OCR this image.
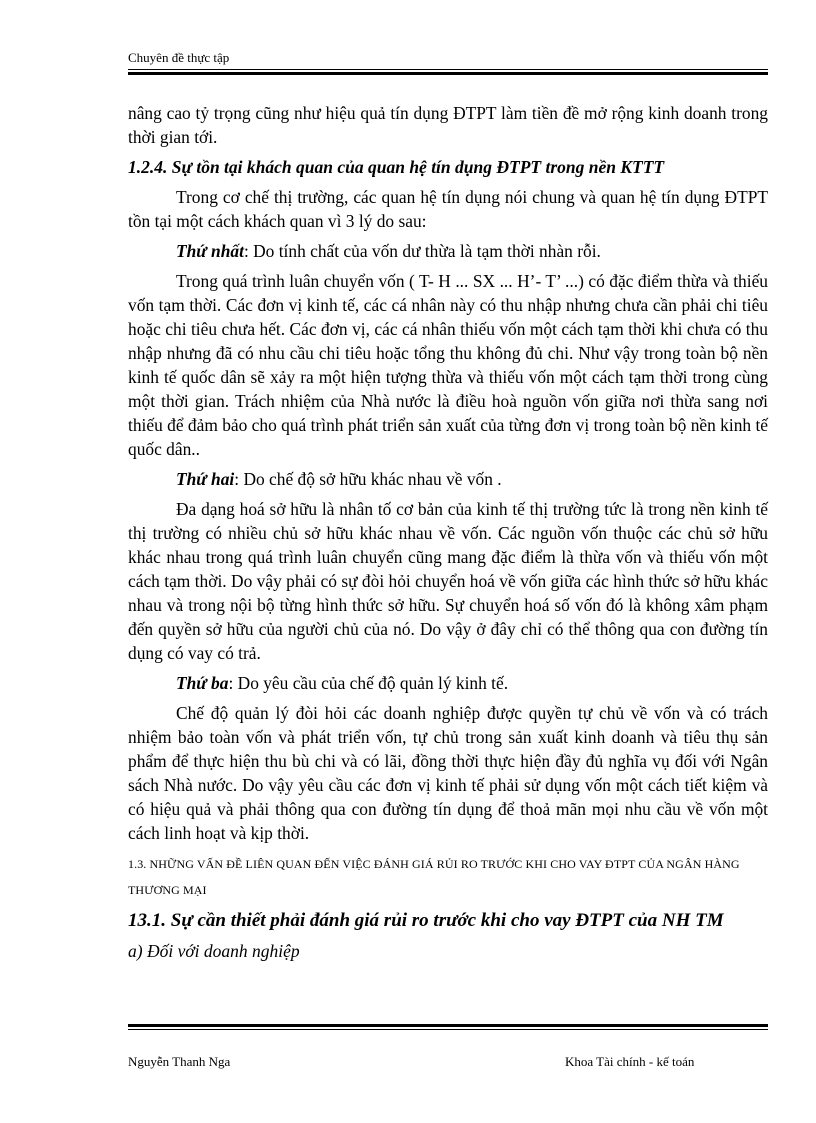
Chuyên đề thực tập

nâng cao tỷ trọng cũng như hiệu quả tín dụng ĐTPT làm tiền đề mở rộng kinh doanh trong thời gian tới.

1.2.4. Sự tồn tại khách quan của quan hệ tín dụng ĐTPT trong nền KTTT

Trong cơ chế thị trường, các quan hệ tín dụng nói chung và quan hệ tín dụng ĐTPT tồn tại một cách khách quan vì 3 lý do sau:

Thứ nhất: Do tính chất của vốn dư thừa là tạm thời nhàn rỗi.

Trong quá trình luân chuyển vốn ( T- H ... SX ... H’- T’ ...) có đặc điểm thừa và thiếu vốn tạm thời. Các đơn vị kinh tế, các cá nhân này có thu nhập nhưng chưa cần phải chi tiêu hoặc chi tiêu chưa hết. Các đơn vị, các cá nhân thiếu vốn một cách tạm thời khi chưa có thu nhập nhưng đã có nhu cầu chi tiêu hoặc tổng thu không đủ chi. Như vậy trong toàn bộ nền kinh tế quốc dân sẽ xảy ra một hiện tượng thừa và thiếu vốn một cách tạm thời trong cùng một thời gian. Trách nhiệm của Nhà nước là điều hoà nguồn vốn giữa nơi thừa sang nơi thiếu để đảm bảo cho quá trình phát triển sản xuất của từng đơn vị trong toàn bộ nền kinh tế quốc dân..

Thứ hai: Do chế độ sở hữu khác nhau về vốn .

Đa dạng hoá sở hữu là nhân tố cơ bản của kinh tế thị trường tức là trong nền kinh tế thị trường có nhiều chủ sở hữu khác nhau về vốn. Các nguồn vốn thuộc các chủ sở hữu khác nhau trong quá trình luân chuyển cũng mang đặc điểm là thừa vốn và thiếu vốn một cách tạm thời. Do vậy phải có sự đòi hỏi chuyển hoá về vốn giữa các hình thức sở hữu khác nhau và trong nội bộ từng hình thức sở hữu. Sự chuyển hoá số vốn đó là không xâm phạm đến quyền sở hữu của người chủ của nó. Do vậy ở đây chỉ có thể thông qua con đường tín dụng có vay có trả.

Thứ ba: Do yêu cầu của chế độ quản lý kinh tế.

Chế độ quản lý đòi hỏi các doanh nghiệp được quyền tự chủ về vốn và có trách nhiệm bảo toàn vốn và phát triển vốn, tự chủ trong sản xuất kinh doanh và tiêu thụ sản phẩm để thực hiện thu bù chi và có lãi, đồng thời thực hiện đầy đủ nghĩa vụ đối với Ngân sách Nhà nước. Do vậy yêu cầu các đơn vị kinh tế phải sử dụng vốn một cách tiết kiệm và có hiệu quả và phải thông qua con đường tín dụng để thoả mãn mọi nhu cầu về vốn một cách linh hoạt và kịp thời.

1.3. NHỮNG VẤN ĐỀ LIÊN QUAN ĐẾN VIỆC ĐÁNH GIÁ RỦI RO TRƯỚC KHI CHO VAY ĐTPT CỦA NGÂN HÀNG THƯƠNG MẠI

13.1. Sự cần thiết phải đánh giá rủi ro trước khi cho vay ĐTPT của NH TM

a) Đối với doanh nghiệp

Nguyễn Thanh Nga	Khoa Tài chính - kế toán
